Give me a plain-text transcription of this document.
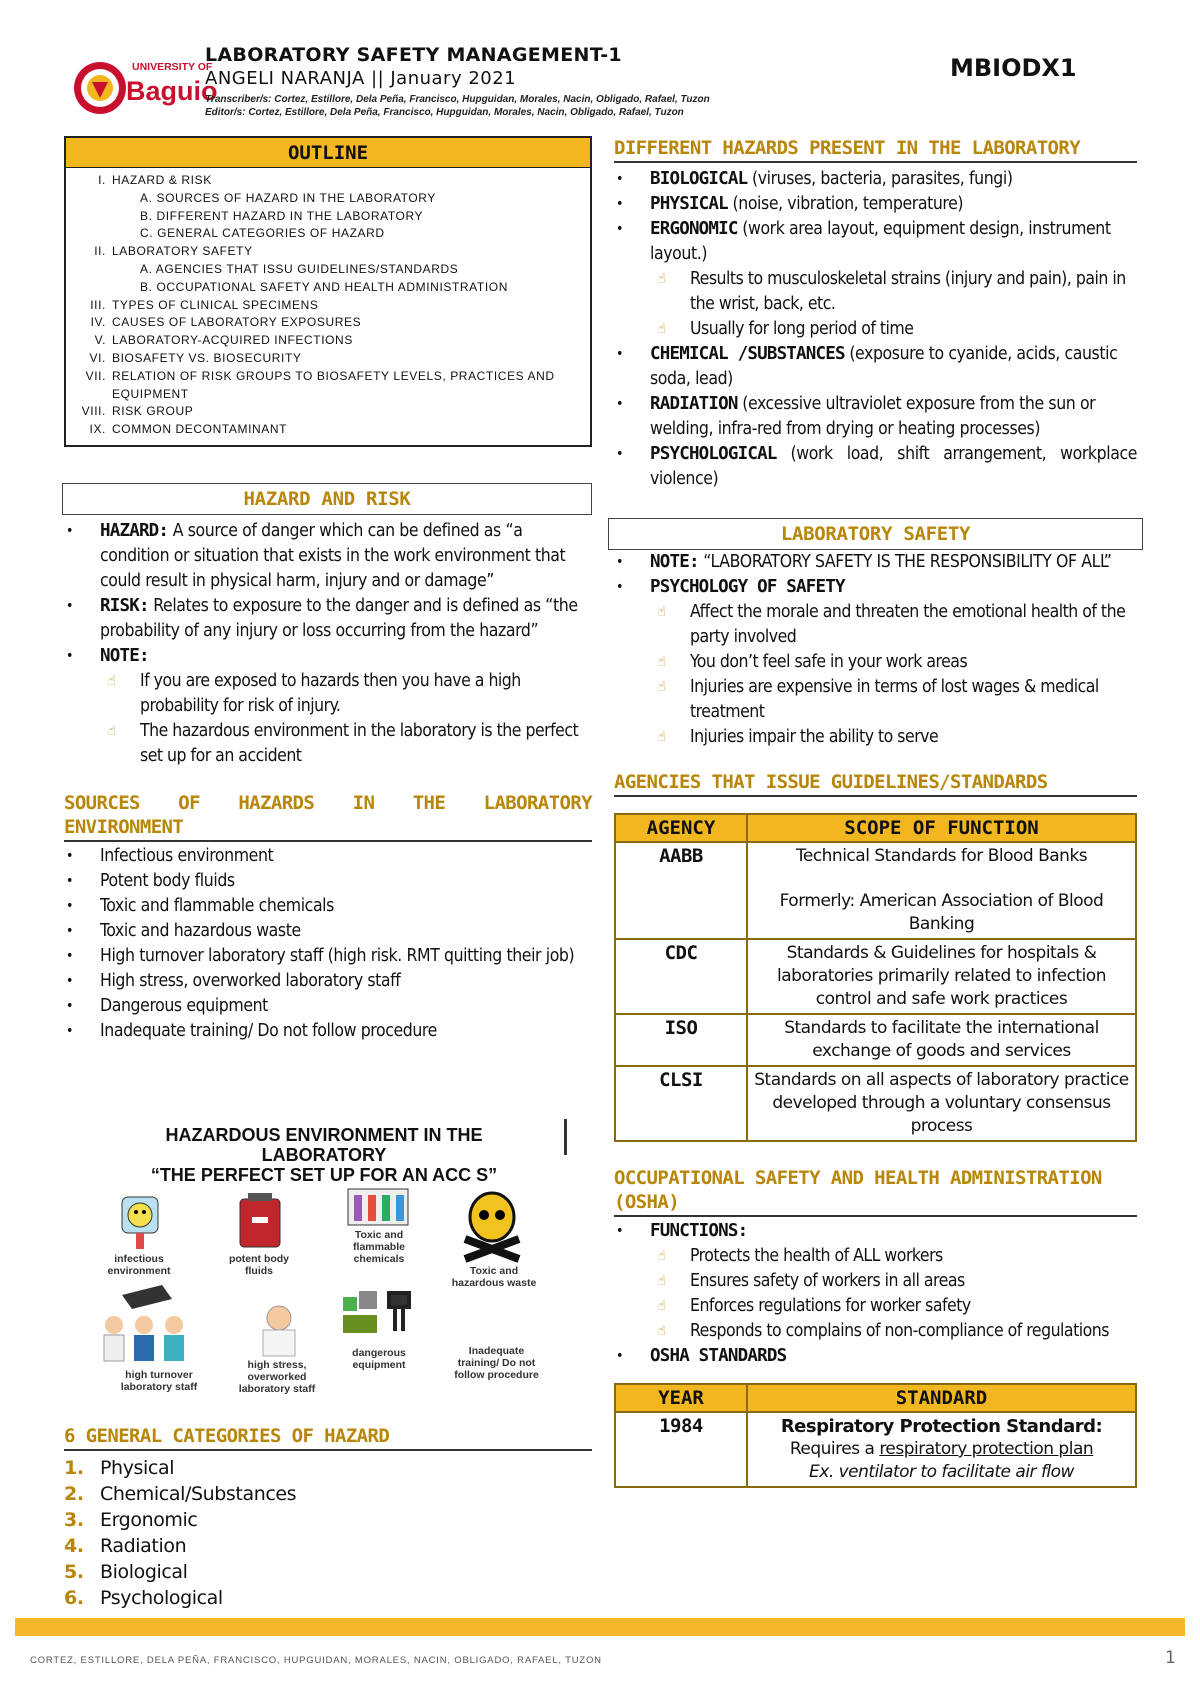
UNIVERSITY OF
Baguio
LABORATORY SAFETY MANAGEMENT-1
ANGELI NARANJA || January 2021
Transcriber/s: Cortez, Estillore, Dela Peña, Francisco, Hupguidan, Morales, Nacin, Obligado, Rafael, Tuzon
Editor/s: Cortez, Estillore, Dela Peña, Francisco, Hupguidan, Morales, Nacin, Obligado, Rafael, Tuzon
MBIODX1
OUTLINE
I. HAZARD & RISK
A. SOURCES OF HAZARD IN THE LABORATORY
B. DIFFERENT HAZARD IN THE LABORATORY
C. GENERAL CATEGORIES OF HAZARD
II. LABORATORY SAFETY
A. AGENCIES THAT ISSU GUIDELINES/STANDARDS
B. OCCUPATIONAL SAFETY AND HEALTH ADMINISTRATION
III. TYPES OF CLINICAL SPECIMENS
IV. CAUSES OF LABORATORY EXPOSURES
V. LABORATORY-ACQUIRED INFECTIONS
VI. BIOSAFETY VS. BIOSECURITY
VII. RELATION OF RISK GROUPS TO BIOSAFETY LEVELS, PRACTICES AND EQUIPMENT
VIII. RISK GROUP
IX. COMMON DECONTAMINANT
HAZARD AND RISK
• HAZARD: A source of danger which can be defined as “a condition or situation that exists in the work environment that could result in physical harm, injury and or damage”
• RISK: Relates to exposure to the danger and is defined as “the probability of any injury or loss occurring from the hazard”
• NOTE:
☝ If you are exposed to hazards then you have a high probability for risk of injury.
☝ The hazardous environment in the laboratory is the perfect set up for an accident
SOURCES OF HAZARDS IN THE LABORATORY ENVIRONMENT
• Infectious environment
• Potent body fluids
• Toxic and flammable chemicals
• Toxic and hazardous waste
• High turnover laboratory staff (high risk. RMT quitting their job)
• High stress, overworked laboratory staff
• Dangerous equipment
• Inadequate training/ Do not follow procedure
HAZARDOUS ENVIRONMENT IN THE
LABORATORY
“THE PERFECT SET UP FOR AN ACC S”
infectious environment
potent body fluids
Toxic and flammable chemicals
Toxic and hazardous waste
high turnover laboratory staff
high stress, overworked laboratory staff
dangerous equipment
Inadequate training/ Do not follow procedure
6 GENERAL CATEGORIES OF HAZARD
1. Physical
2. Chemical/Substances
3. Ergonomic
4. Radiation
5. Biological
6. Psychological
DIFFERENT HAZARDS PRESENT IN THE LABORATORY
• BIOLOGICAL (viruses, bacteria, parasites, fungi)
• PHYSICAL (noise, vibration, temperature)
• ERGONOMIC (work area layout, equipment design, instrument layout.)
☝ Results to musculoskeletal strains (injury and pain), pain in the wrist, back, etc.
☝ Usually for long period of time
• CHEMICAL /SUBSTANCES (exposure to cyanide, acids, caustic soda, lead)
• RADIATION (excessive ultraviolet exposure from the sun or welding, infra-red from drying or heating processes)
• PSYCHOLOGICAL (work load, shift arrangement, workplace violence)
LABORATORY SAFETY
• NOTE: “LABORATORY SAFETY IS THE RESPONSIBILITY OF ALL”
• PSYCHOLOGY OF SAFETY
☝ Affect the morale and threaten the emotional health of the party involved
☝ You don’t feel safe in your work areas
☝ Injuries are expensive in terms of lost wages & medical treatment
☝ Injuries impair the ability to serve
AGENCIES THAT ISSUE GUIDELINES/STANDARDS
AGENCY	SCOPE OF FUNCTION
AABB	Technical Standards for Blood Banks
Formerly: American Association of Blood Banking

CDC	Standards & Guidelines for hospitals & laboratories primarily related to infection control and safe work practices

ISO	Standards to facilitate the international exchange of goods and services

CLSI	Standards on all aspects of laboratory practice developed through a voluntary consensus process
OCCUPATIONAL SAFETY AND HEALTH ADMINISTRATION (OSHA)
• FUNCTIONS:
☝ Protects the health of ALL workers
☝ Ensures safety of workers in all areas
☝ Enforces regulations for worker safety
☝ Responds to complains of non-compliance of regulations
• OSHA STANDARDS
YEAR	STANDARD
1984	Respiratory Protection Standard:
Requires a respiratory protection plan
Ex. ventilator to facilitate air flow
CORTEZ, ESTILLORE, DELA PEÑA, FRANCISCO, HUPGUIDAN, MORALES, NACIN, OBLIGADO, RAFAEL, TUZON	1
